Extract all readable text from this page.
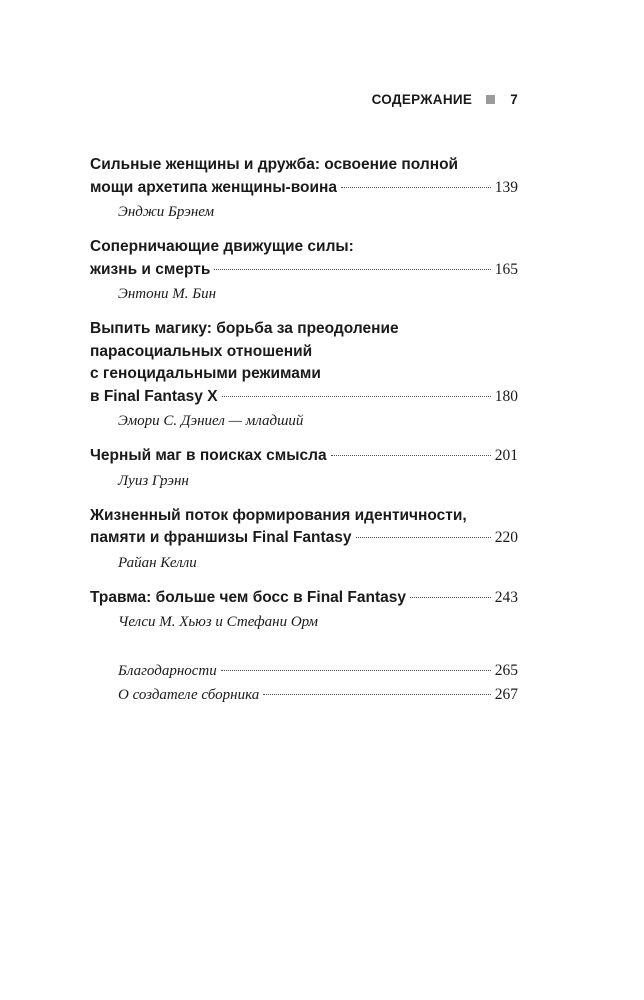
СОДЕРЖАНИЕ	7
Сильные женщины и дружба: освоение полной
мощи архетипа женщины-воина	139
Энджи Брэнем
Соперничающие движущие силы:
жизнь и смерть	165
Энтони М. Бин
Выпить магику: борьба за преодоление
парасоциальных отношений
с геноцидальными режимами
в Final Fantasy X	180
Эмори С. Дэниел — младший
Черный маг в поисках смысла	201
Луиз Грэнн
Жизненный поток формирования идентичности,
памяти и франшизы Final Fantasy	220
Райан Келли
Травма: больше чем босс в Final Fantasy	243
Челси М. Хьюз и Стефани Орм
Благодарности	265
О создателе сборника	267
